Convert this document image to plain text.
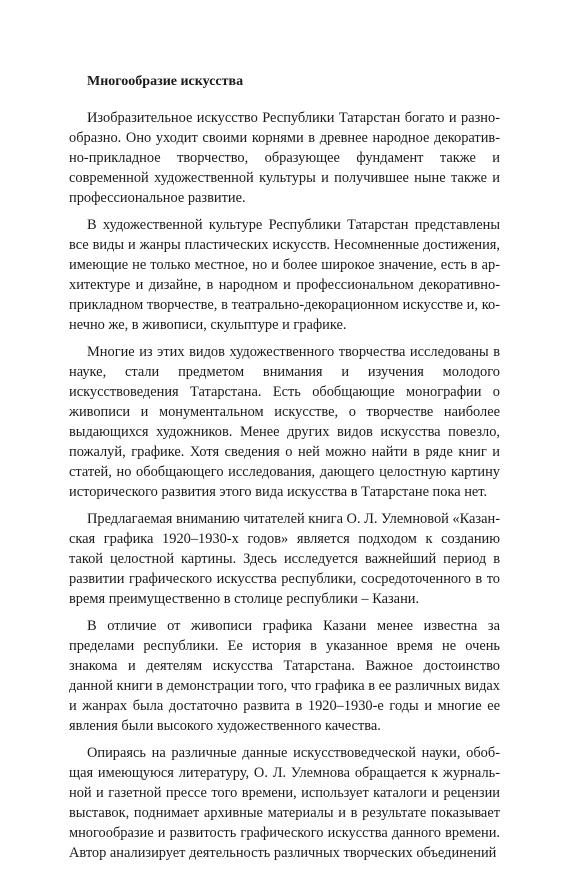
Многообразие искусства

Изобразительное искусство Республики Татарстан богато и разнообразно. Оно уходит своими корнями в древнее народное декоративно-прикладное творчество, образующее фундамент также и современной художественной культуры и получившее ныне также и профессиональное развитие.

В художественной культуре Республики Татарстан представлены все виды и жанры пластических искусств. Несомненные достижения, имеющие не только местное, но и более широкое значение, есть в архитектуре и дизайне, в народном и профессиональном декоративноприкладном творчестве, в театрально-декорационном искусстве и, конечно же, в живописи, скульптуре и графике.

Многие из этих видов художественного творчества исследованы в науке, стали предметом внимания и изучения молодого искусствоведения Татарстана. Есть обобщающие монографии о живописи и монументальном искусстве, о творчестве наиболее выдающихся художников. Менее других видов искусства повезло, пожалуй, графике. Хотя сведения о ней можно найти в ряде книг и статей, но обобщающего исследования, дающего целостную картину исторического развития этого вида искусства в Татарстане пока нет.

Предлагаемая вниманию читателей книга О. Л. Улемновой «Казанская графика 1920–1930-х годов» является подходом к созданию такой целостной картины. Здесь исследуется важнейший период в развитии графического искусства республики, сосредоточенного в то время преимущественно в столице республики – Казани.

В отличие от живописи графика Казани менее известна за пределами республики. Ее история в указанное время не очень знакома и деятелям искусства Татарстана. Важное достоинство данной книги в демонстрации того, что графика в ее различных видах и жанрах была достаточно развита в 1920–1930-е годы и многие ее явления были высокого художественного качества.

Опираясь на различные данные искусствоведческой науки, обобщая имеющуюся литературу, О. Л. Улемнова обращается к журнальной и газетной прессе того времени, использует каталоги и рецензии выставок, поднимает архивные материалы и в результате показывает многообразие и развитость графического искусства данного времени. Автор анализирует деятельность различных творческих объединений
